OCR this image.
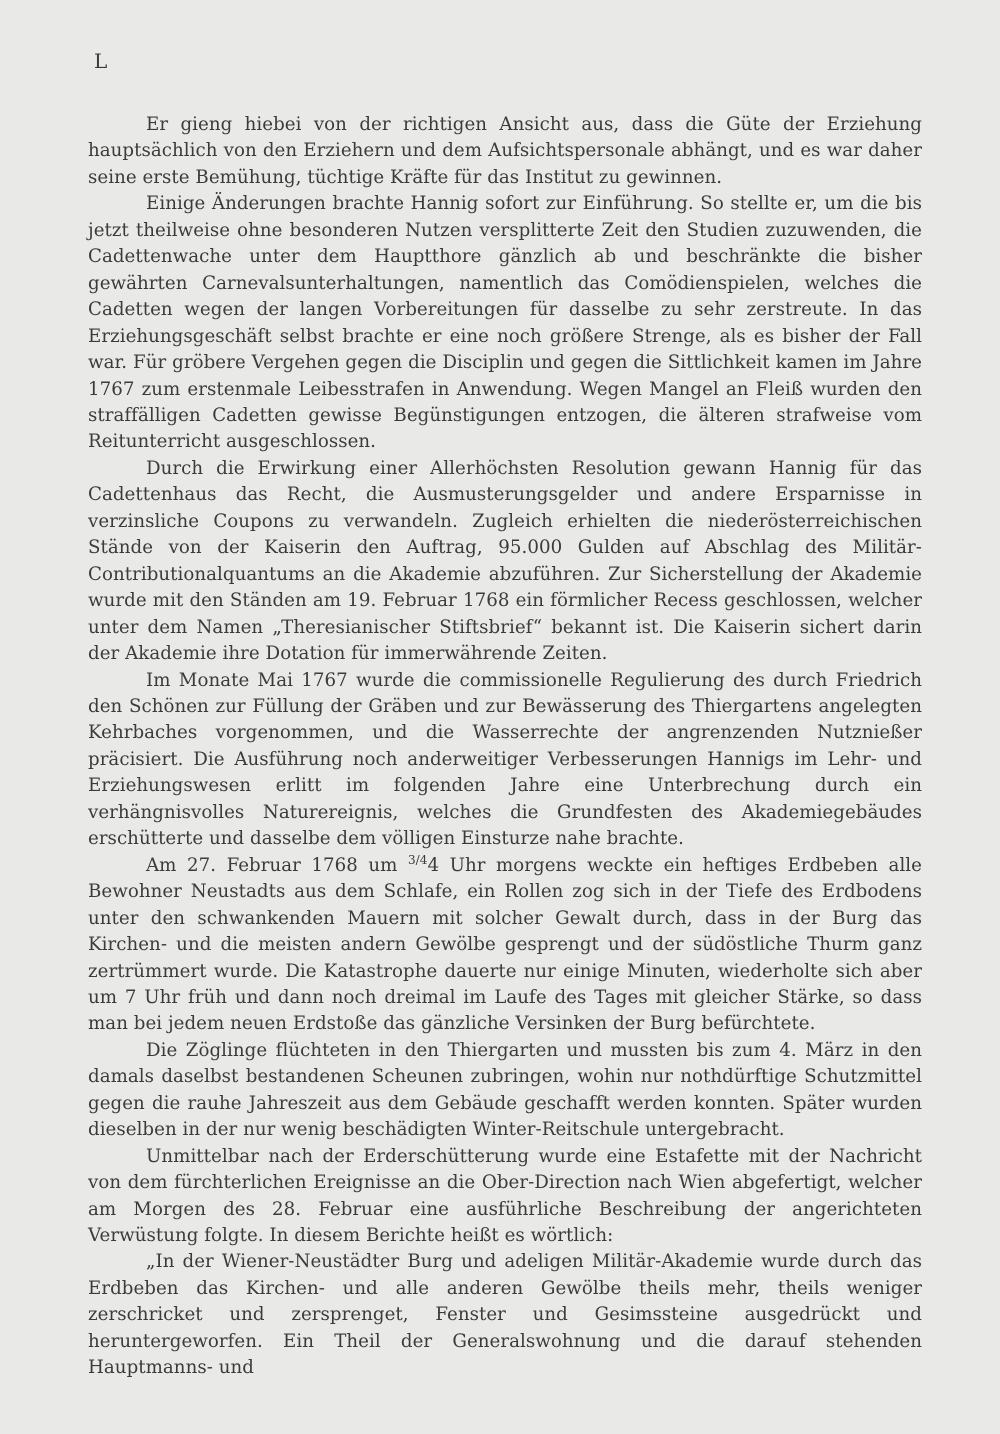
L

Er gieng hiebei von der richtigen Ansicht aus, dass die Güte der Erziehung hauptsächlich von den Erziehern und dem Aufsichtspersonale abhängt, und es war daher seine erste Bemühung, tüchtige Kräfte für das Institut zu gewinnen.

Einige Änderungen brachte Hannig sofort zur Einführung. So stellte er, um die bis jetzt theilweise ohne besonderen Nutzen versplitterte Zeit den Studien zuzuwenden, die Cadettenwache unter dem Hauptthore gänzlich ab und beschränkte die bisher gewährten Carnevalsunterhaltungen, namentlich das Comödienspielen, welches die Cadetten wegen der langen Vorbereitungen für dasselbe zu sehr zerstreute. In das Erziehungsgeschäft selbst brachte er eine noch größere Strenge, als es bisher der Fall war. Für gröbere Vergehen gegen die Disciplin und gegen die Sittlichkeit kamen im Jahre 1767 zum erstenmale Leibesstrafen in Anwendung. Wegen Mangel an Fleiß wurden den straffälligen Cadetten gewisse Begünstigungen entzogen, die älteren strafweise vom Reitunterricht ausgeschlossen.

Durch die Erwirkung einer Allerhöchsten Resolution gewann Hannig für das Cadettenhaus das Recht, die Ausmusterungsgelder und andere Ersparnisse in verzinsliche Coupons zu verwandeln. Zugleich erhielten die niederösterreichischen Stände von der Kaiserin den Auftrag, 95.000 Gulden auf Abschlag des Militär-Contributionalquantums an die Akademie abzuführen. Zur Sicherstellung der Akademie wurde mit den Ständen am 19. Februar 1768 ein förmlicher Recess geschlossen, welcher unter dem Namen „Theresianischer Stiftsbrief“ bekannt ist. Die Kaiserin sichert darin der Akademie ihre Dotation für immerwährende Zeiten.

Im Monate Mai 1767 wurde die commissionelle Regulierung des durch Friedrich den Schönen zur Füllung der Gräben und zur Bewässerung des Thiergartens angelegten Kehrbaches vorgenommen, und die Wasserrechte der angrenzenden Nutznießer präcisiert. Die Ausführung noch anderweitiger Verbesserungen Hannigs im Lehr- und Erziehungswesen erlitt im folgenden Jahre eine Unterbrechung durch ein verhängnisvolles Naturereignis, welches die Grundfesten des Akademiegebäudes erschütterte und dasselbe dem völligen Einsturze nahe brachte.

Am 27. Februar 1768 um $^{3/4}$4 Uhr morgens weckte ein heftiges Erdbeben alle Bewohner Neustadts aus dem Schlafe, ein Rollen zog sich in der Tiefe des Erdbodens unter den schwankenden Mauern mit solcher Gewalt durch, dass in der Burg das Kirchen- und die meisten andern Gewölbe gesprengt und der südöstliche Thurm ganz zertrümmert wurde. Die Katastrophe dauerte nur einige Minuten, wiederholte sich aber um 7 Uhr früh und dann noch dreimal im Laufe des Tages mit gleicher Stärke, so dass man bei jedem neuen Erdstoße das gänzliche Versinken der Burg befürchtete.

Die Zöglinge flüchteten in den Thiergarten und mussten bis zum 4. März in den damals daselbst bestandenen Scheunen zubringen, wohin nur nothdürftige Schutzmittel gegen die rauhe Jahreszeit aus dem Gebäude geschafft werden konnten. Später wurden dieselben in der nur wenig beschädigten Winter-Reitschule untergebracht.

Unmittelbar nach der Erderschütterung wurde eine Estafette mit der Nachricht von dem fürchterlichen Ereignisse an die Ober-Direction nach Wien abgefertigt, welcher am Morgen des 28. Februar eine ausführliche Beschreibung der angerichteten Verwüstung folgte. In diesem Berichte heißt es wörtlich:

„In der Wiener-Neustädter Burg und adeligen Militär-Akademie wurde durch das Erdbeben das Kirchen- und alle anderen Gewölbe theils mehr, theils weniger zerschricket und zersprenget, Fenster und Gesimssteine ausgedrückt und heruntergeworfen. Ein Theil der Generalswohnung und die darauf stehenden Hauptmanns- und
